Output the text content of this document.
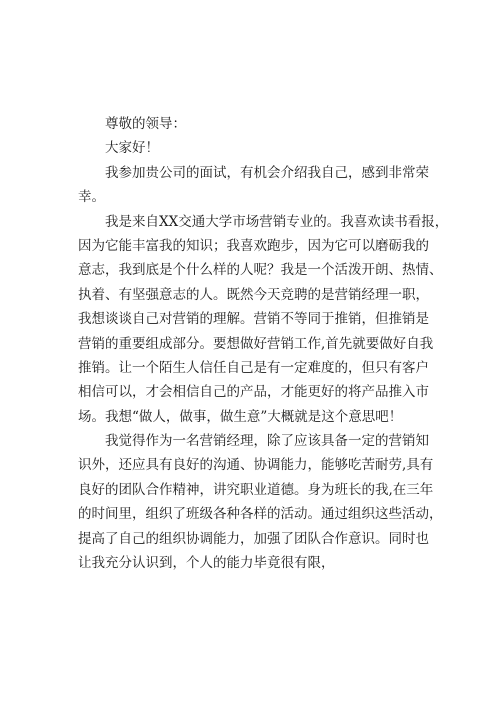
尊敬的领导：
大家好！
我参加贵公司的面试，有机会介绍我自己，感到非常荣
幸。
我是来自XX交通大学市场营销专业的。我喜欢读书看报，
因为它能丰富我的知识；我喜欢跑步，因为它可以磨砺我的
意志，我到底是个什么样的人呢？我是一个活泼开朗、热情、
执着、有坚强意志的人。既然今天竞聘的是营销经理一职，
我想谈谈自己对营销的理解。营销不等同于推销，但推销是
营销的重要组成部分。要想做好营销工作,首先就要做好自我
推销。让一个陌生人信任自己是有一定难度的，但只有客户
相信可以，才会相信自己的产品，才能更好的将产品推入市
场。我想“做人，做事，做生意”大概就是这个意思吧！
我觉得作为一名营销经理，除了应该具备一定的营销知
识外，还应具有良好的沟通、协调能力，能够吃苦耐劳,具有
良好的团队合作精神，讲究职业道德。身为班长的我,在三年
的时间里，组织了班级各种各样的活动。通过组织这些活动，
提高了自己的组织协调能力，加强了团队合作意识。同时也
让我充分认识到，个人的能力毕竟很有限，
